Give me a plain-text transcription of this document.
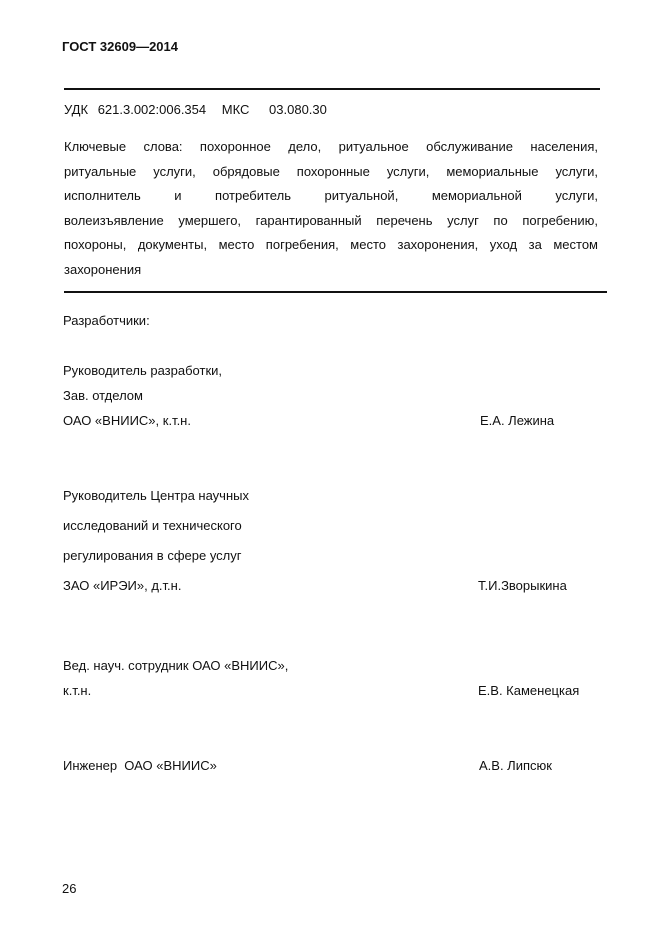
ГОСТ 32609—2014
УДК 621.3.002:006.354 МКС 03.080.30
Ключевые слова: похоронное дело, ритуальное обслуживание населения,
ритуальные услуги, обрядовые похоронные услуги, мемориальные услуги,
исполнитель и потребитель ритуальной, мемориальной услуги,
волеизъявление умершего, гарантированный перечень услуг по погребению,
похороны, документы, место погребения, место захоронения, уход за местом
захоронения
Разработчики:
Руководитель разработки,
Зав. отделом
ОАО «ВНИИС», к.т.н.	Е.А. Лежина
Руководитель Центра научных
исследований и технического
регулирования в сфере услуг
ЗАО «ИРЭИ», д.т.н.	Т.И.Зворыкина
Вед. науч. сотрудник ОАО «ВНИИС»,
к.т.н.	Е.В. Каменецкая
Инженер  ОАО «ВНИИС»	А.В. Липсюк
26
